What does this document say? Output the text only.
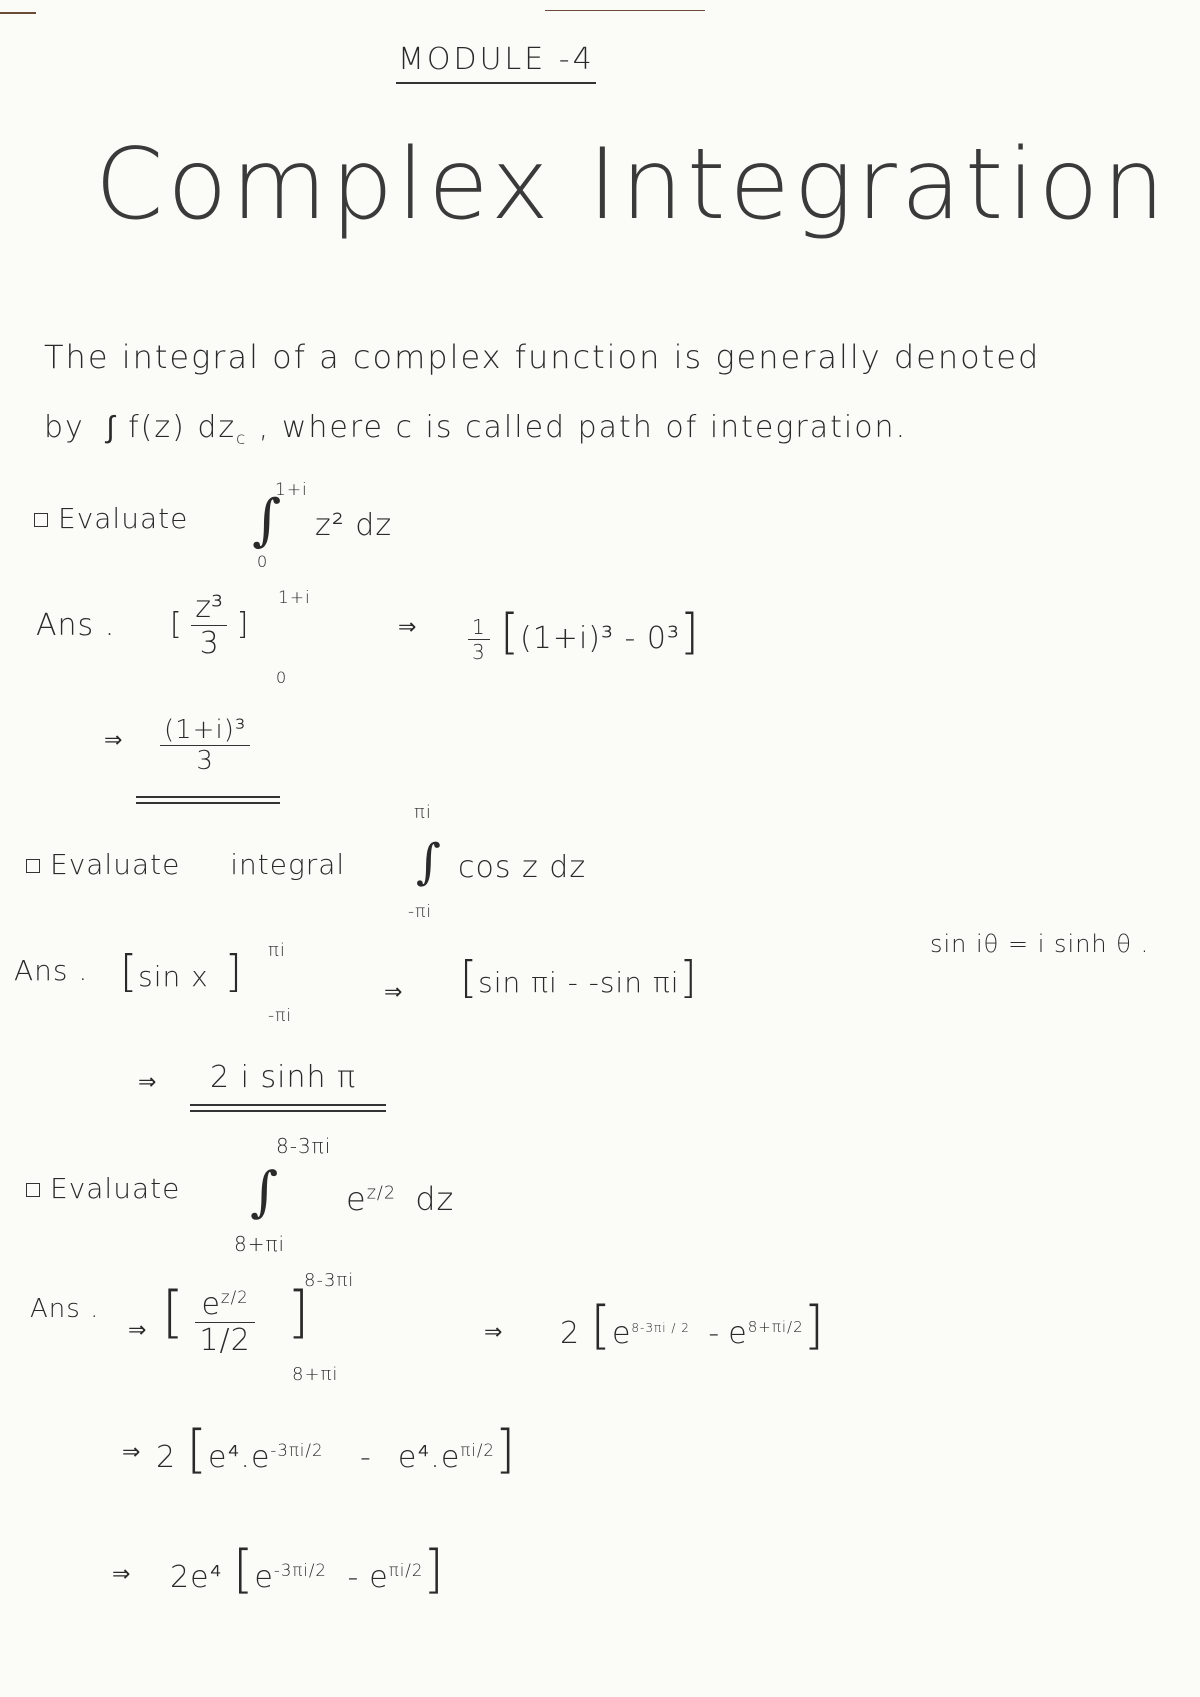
MODULE -4
Complex Integration
The integral of a complex function is generally denoted
by ∫ f(z) $dz_c$ , where c is called path of integration.
Evaluate ∫
1+i
0
z² dz
Ans . [ $\frac{\text{z³}}{3}$ ]
1+i
0
⇒	$\frac{1}{3} [(1+i)^3 - 0^3]$
⇒ $\frac{\text{(1+i)³}}{3}$
Evaluate integral
πi
∫
-πi
cos z dz
Ans . [sin x ] πi
-πi
⇒ [sin πi - -sin πi]
sin iθ = i sinh θ .
⇒ 2 i sinh π
Evaluate
8-3πi
∫
8+πi
$e^{z/2}$ dz
Ans .
⇒ [ $\frac{e^{z/2}}{1/2}$ ]
8-3πi
8+πi
⇒ 2 $[e^{8-3\pi i / 2} - e^{8+\pi i/2}]$
⇒ 2 $[e^4.e^{-3\pi i/2} - e^4.e^{\pi i/2}]$
⇒ 2e⁴ $[e^{-3\pi i/2} - e^{\pi i/2}]$
